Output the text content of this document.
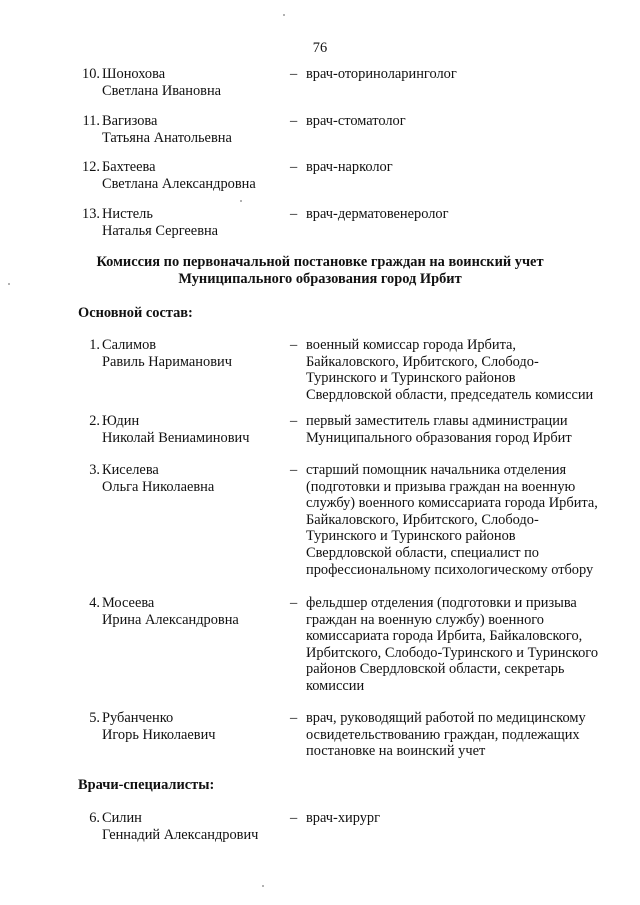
76
10. Шонохова
Светлана Ивановна
– врач-оториноларинголог
11. Вагизова
Татьяна Анатольевна
– врач-стоматолог
12. Бахтеева
Светлана Александровна
– врач-нарколог
13. Нистель
Наталья Сергеевна
– врач-дерматовенеролог
Комиссия по первоначальной постановке граждан на воинский учет
Муниципального образования город Ирбит
Основной состав:
1. Салимов
Равиль Нариманович
– военный комиссар города Ирбита,
Байкаловского, Ирбитского, Слободо-
Туринского и Туринского районов
Свердловской области, председатель комиссии
2. Юдин
Николай Вениаминович
– первый заместитель главы администрации
Муниципального образования город Ирбит
3. Киселева
Ольга Николаевна
– старший помощник начальника отделения
(подготовки и призыва граждан на военную
службу) военного комиссариата города Ирбита,
Байкаловского, Ирбитского, Слободо-
Туринского и Туринского районов
Свердловской области, специалист по
профессиональному психологическому отбору
4. Мосеева
Ирина Александровна
– фельдшер отделения (подготовки и призыва
граждан на военную службу) военного
комиссариата города Ирбита, Байкаловского,
Ирбитского, Слободо-Туринского и Туринского
районов Свердловской области, секретарь
комиссии
5. Рубанченко
Игорь Николаевич
– врач, руководящий работой по медицинскому
освидетельствованию граждан, подлежащих
постановке на воинский учет
Врачи-специалисты:
6. Силин
Геннадий Александрович
– врач-хирург
